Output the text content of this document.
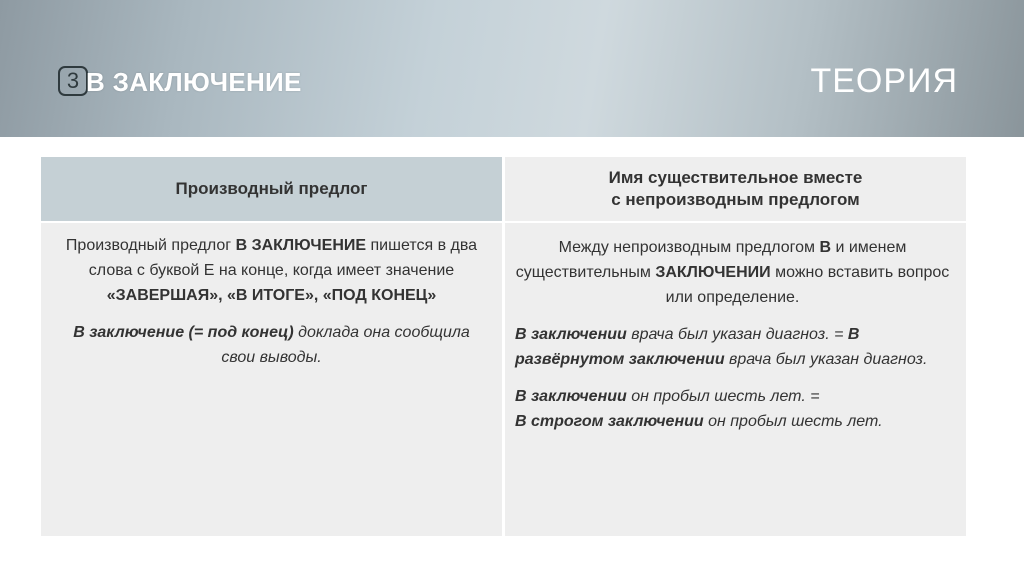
3 В ЗАКЛЮЧЕНИЕ	ТЕОРИЯ
Производный предлог

Производный предлог В ЗАКЛЮЧЕНИЕ пишется в два слова с буквой Е на конце, когда имеет значение «ЗАВЕРШАЯ», «В ИТОГЕ», «ПОД КОНЕЦ»

В заключение (= под конец) доклада она сообщила свои выводы.

Имя существительное вместе
с непроизводным предлогом

Между непроизводным предлогом В и именем существительным ЗАКЛЮЧЕНИИ можно вставить вопрос или определение.

В заключении врача был указан диагноз. = В развёрнутом заключении врача был указан диагноз.

В заключении он пробыл шесть лет. =
В строгом заключении он пробыл шесть лет.
